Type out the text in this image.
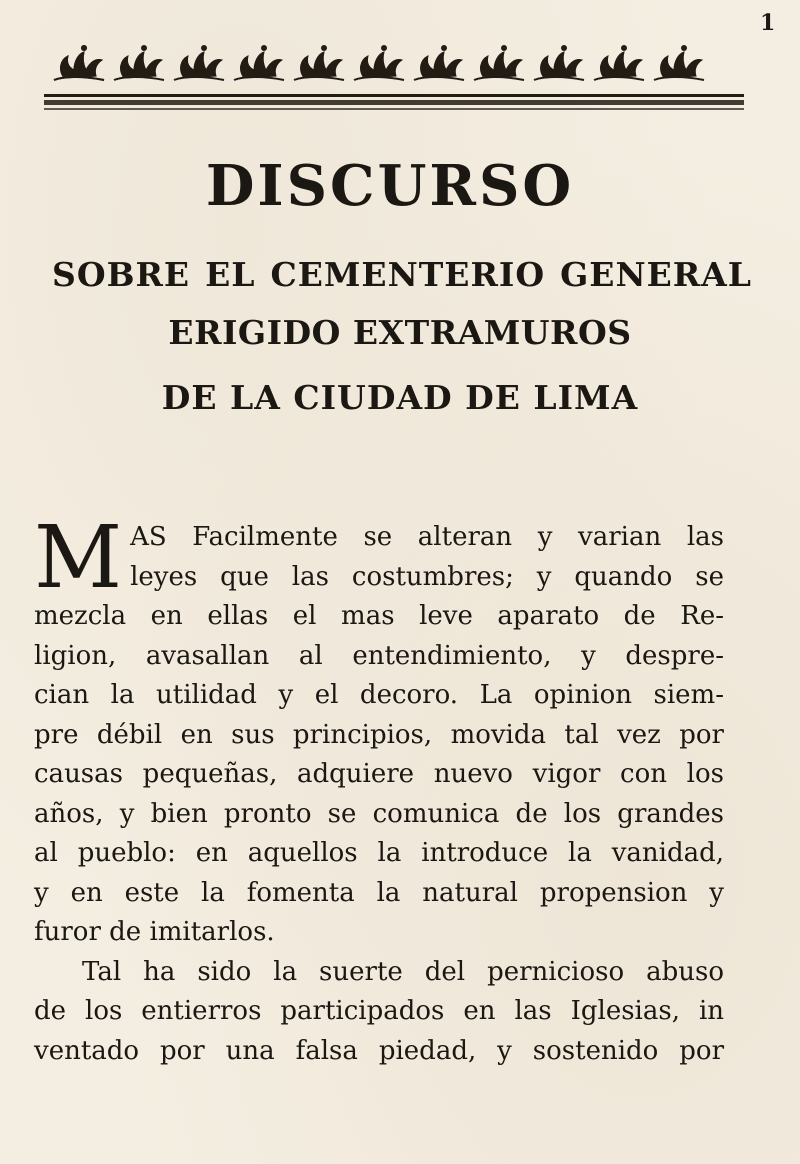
1
DISCURSO
SOBRE EL CEMENTERIO GENERAL
ERIGIDO EXTRAMUROS
DE LA CIUDAD DE LIMA
M AS Facilmente se alteran y varian las
leyes que las costumbres; y quando se
mezcla en ellas el mas leve aparato de Re-
ligion, avasallan al entendimiento, y despre-
cian la utilidad y el decoro. La opinion siem-
pre débil en sus principios, movida tal vez por
causas pequeñas, adquiere nuevo vigor con los
años, y bien pronto se comunica de los grandes
al pueblo: en aquellos la introduce la vanidad,
y en este la fomenta la natural propension y
furor de imitarlos.
Tal ha sido la suerte del pernicioso abuso
de los entierros participados en las Iglesias, in
ventado por una falsa piedad, y sostenido por
